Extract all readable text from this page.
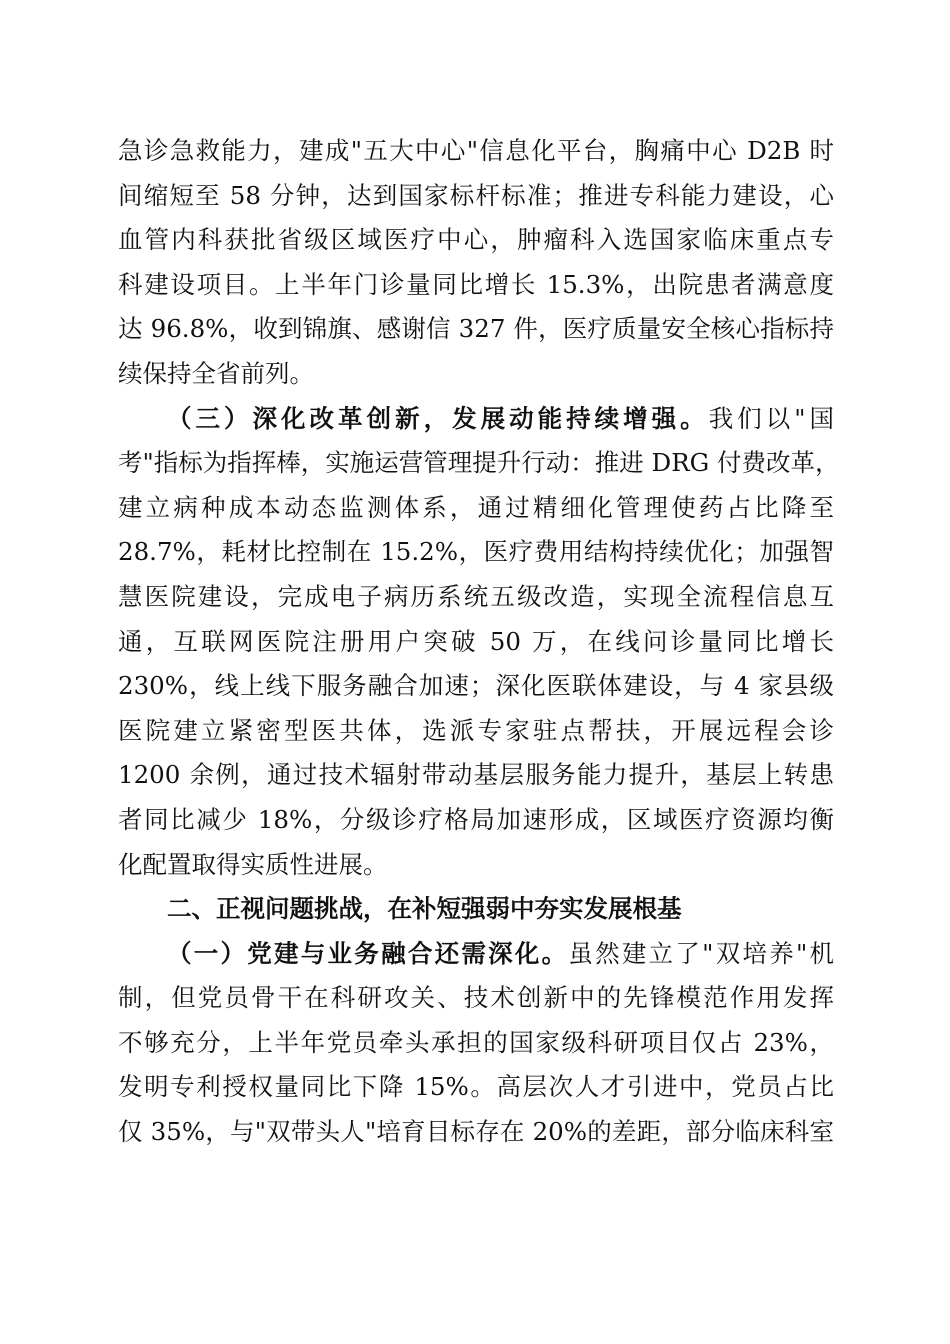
急诊急救能力，建成"五大中心"信息化平台，胸痛中心 D2B 时
间缩短至 58 分钟，达到国家标杆标准；推进专科能力建设，心
血管内科获批省级区域医疗中心，肿瘤科入选国家临床重点专
科建设项目。上半年门诊量同比增长 15.3%，出院患者满意度
达 96.8%，收到锦旗、感谢信 327 件，医疗质量安全核心指标持
续保持全省前列。
（三）深化改革创新，发展动能持续增强。我们以"国
考"指标为指挥棒，实施运营管理提升行动：推进 DRG 付费改革，
建立病种成本动态监测体系，通过精细化管理使药占比降至
28.7%，耗材比控制在 15.2%，医疗费用结构持续优化；加强智
慧医院建设，完成电子病历系统五级改造，实现全流程信息互
通，互联网医院注册用户突破 50 万，在线问诊量同比增长
230%，线上线下服务融合加速；深化医联体建设，与 4 家县级
医院建立紧密型医共体，选派专家驻点帮扶，开展远程会诊
1200 余例，通过技术辐射带动基层服务能力提升，基层上转患
者同比减少 18%，分级诊疗格局加速形成，区域医疗资源均衡
化配置取得实质性进展。
二、正视问题挑战，在补短强弱中夯实发展根基
（一）党建与业务融合还需深化。虽然建立了"双培养"机
制，但党员骨干在科研攻关、技术创新中的先锋模范作用发挥
不够充分，上半年党员牵头承担的国家级科研项目仅占 23%，
发明专利授权量同比下降 15%。高层次人才引进中，党员占比
仅 35%，与"双带头人"培育目标存在 20%的差距，部分临床科室
